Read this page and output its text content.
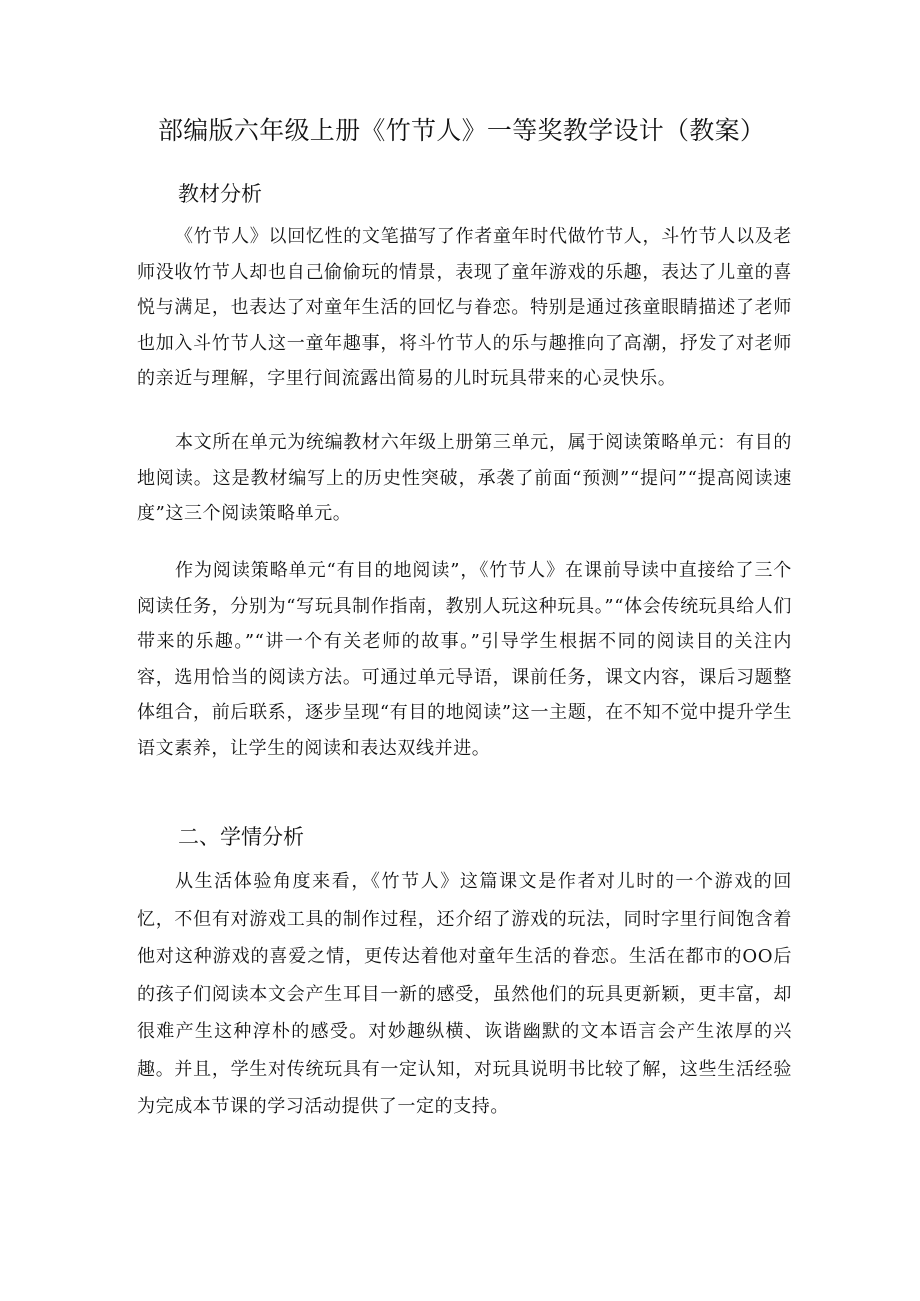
部编版六年级上册《竹节人》一等奖教学设计（教案）
教材分析

《竹节人》以回忆性的文笔描写了作者童年时代做竹节人，斗竹节人以及老师没收竹节人却也自己偷偷玩的情景，表现了童年游戏的乐趣，表达了儿童的喜悦与满足，也表达了对童年生活的回忆与眷恋。特别是通过孩童眼睛描述了老师也加入斗竹节人这一童年趣事，将斗竹节人的乐与趣推向了高潮，抒发了对老师的亲近与理解，字里行间流露出简易的儿时玩具带来的心灵快乐。

本文所在单元为统编教材六年级上册第三单元，属于阅读策略单元：有目的地阅读。这是教材编写上的历史性突破，承袭了前面“预测”“提问”“提高阅读速度”这三个阅读策略单元。

作为阅读策略单元“有目的地阅读”，《竹节人》在课前导读中直接给了三个阅读任务，分别为“写玩具制作指南，教别人玩这种玩具。”“体会传统玩具给人们带来的乐趣。”“讲一个有关老师的故事。”引导学生根据不同的阅读目的关注内容，选用恰当的阅读方法。可通过单元导语，课前任务，课文内容，课后习题整体组合，前后联系，逐步呈现“有目的地阅读”这一主题，在不知不觉中提升学生语文素养，让学生的阅读和表达双线并进。

二、学情分析

从生活体验角度来看，《竹节人》这篇课文是作者对儿时的一个游戏的回忆，不但有对游戏工具的制作过程，还介绍了游戏的玩法，同时字里行间饱含着他对这种游戏的喜爱之情，更传达着他对童年生活的眷恋。生活在都市的OO后的孩子们阅读本文会产生耳目一新的感受，虽然他们的玩具更新颖，更丰富，却很难产生这种淳朴的感受。对妙趣纵横、诙谐幽默的文本语言会产生浓厚的兴趣。并且，学生对传统玩具有一定认知，对玩具说明书比较了解，这些生活经验为完成本节课的学习活动提供了一定的支持。
